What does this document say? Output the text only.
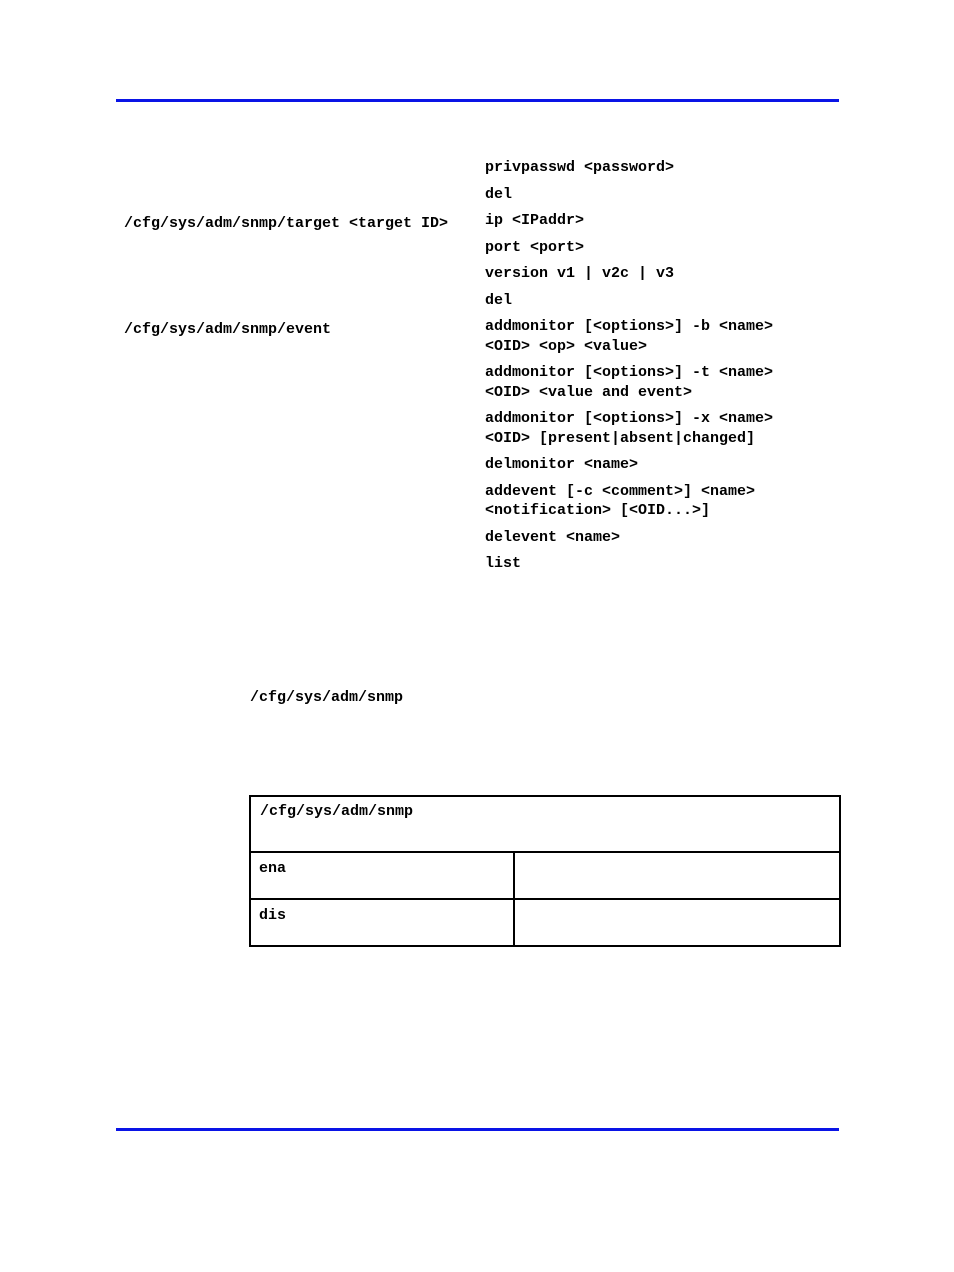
privpasswd <password>
del
/cfg/sys/adm/snmp/target <target ID>	ip <IPaddr>
port <port>
version v1 | v2c | v3
del
/cfg/sys/adm/snmp/event	addmonitor [<options>] -b <name>
<OID> <op> <value>
addmonitor [<options>] -t <name>
<OID> <value and event>
addmonitor [<options>] -x <name>
<OID> [present|absent|changed]
delmonitor <name>
addevent [-c <comment>] <name>
<notification> [<OID...>]
delevent <name>
list
/cfg/sys/adm/snmp
/cfg/sys/adm/snmp
ena
dis
